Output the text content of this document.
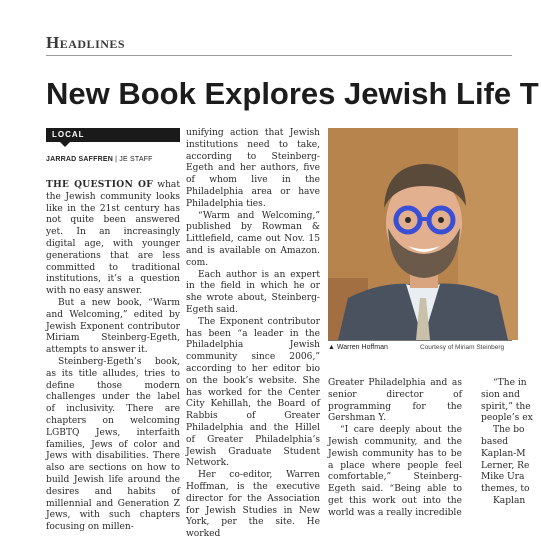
Headlines
New Book Explores Jewish Life T
LOCAL
JARRAD SAFFREN | JE STAFF

THE QUESTION OF what the Jewish community looks like in the 21st century has not quite been answered yet. In an increasingly digital age, with younger generations that are less committed to traditional institutions, it’s a question with no easy answer.

But a new book, “Warm and Welcoming,” edited by Jewish Exponent contributor Miriam Steinberg-Egeth, attempts to answer it.

Steinberg-Egeth’s book, as its title alludes, tries to define those modern challenges under the label of inclusivity. There are chapters on welcoming LGBTQ Jews, interfaith families, Jews of color and Jews with disabilities. There also are sections on how to build Jewish life around the desires and habits of millennial and Generation Z Jews, with such chapters focusing on millen-

unifying action that Jewish institutions need to take, according to Steinberg-Egeth and her authors, five of whom live in the Philadelphia area or have Philadelphia ties.

“Warm and Welcoming,” published by Rowman & Littlefield, came out Nov. 15 and is available on Amazon. com.

Each author is an expert in the field in which he or she wrote about, Steinberg-Egeth said.

The Exponent contributor has been “a leader in the Philadelphia Jewish community since 2006,” according to her editor bio on the book’s website. She has worked for the Center City Kehillah, the Board of Rabbis of Greater Philadelphia and the Hillel of Greater Philadelphia’s Jewish Graduate Student Network.

Her co-editor, Warren Hoffman, is the executive director for the Association for Jewish Studies in New York, per the site. He worked

▲ Warren Hoffman	Courtesy of Miriam Steinberg

Greater Philadelphia and as senior director of programming for the Gershman Y.

“I care deeply about the Jewish community, and the Jewish community has to be a place where people feel comfortable,” Steinberg-Egeth said. “Being able to get this work out into the world was a really incredible

“The in sion and spirit,” the people’s ex

The bo based Kaplan-M Lerner, Re Mike Ura themes, to

Kaplan
